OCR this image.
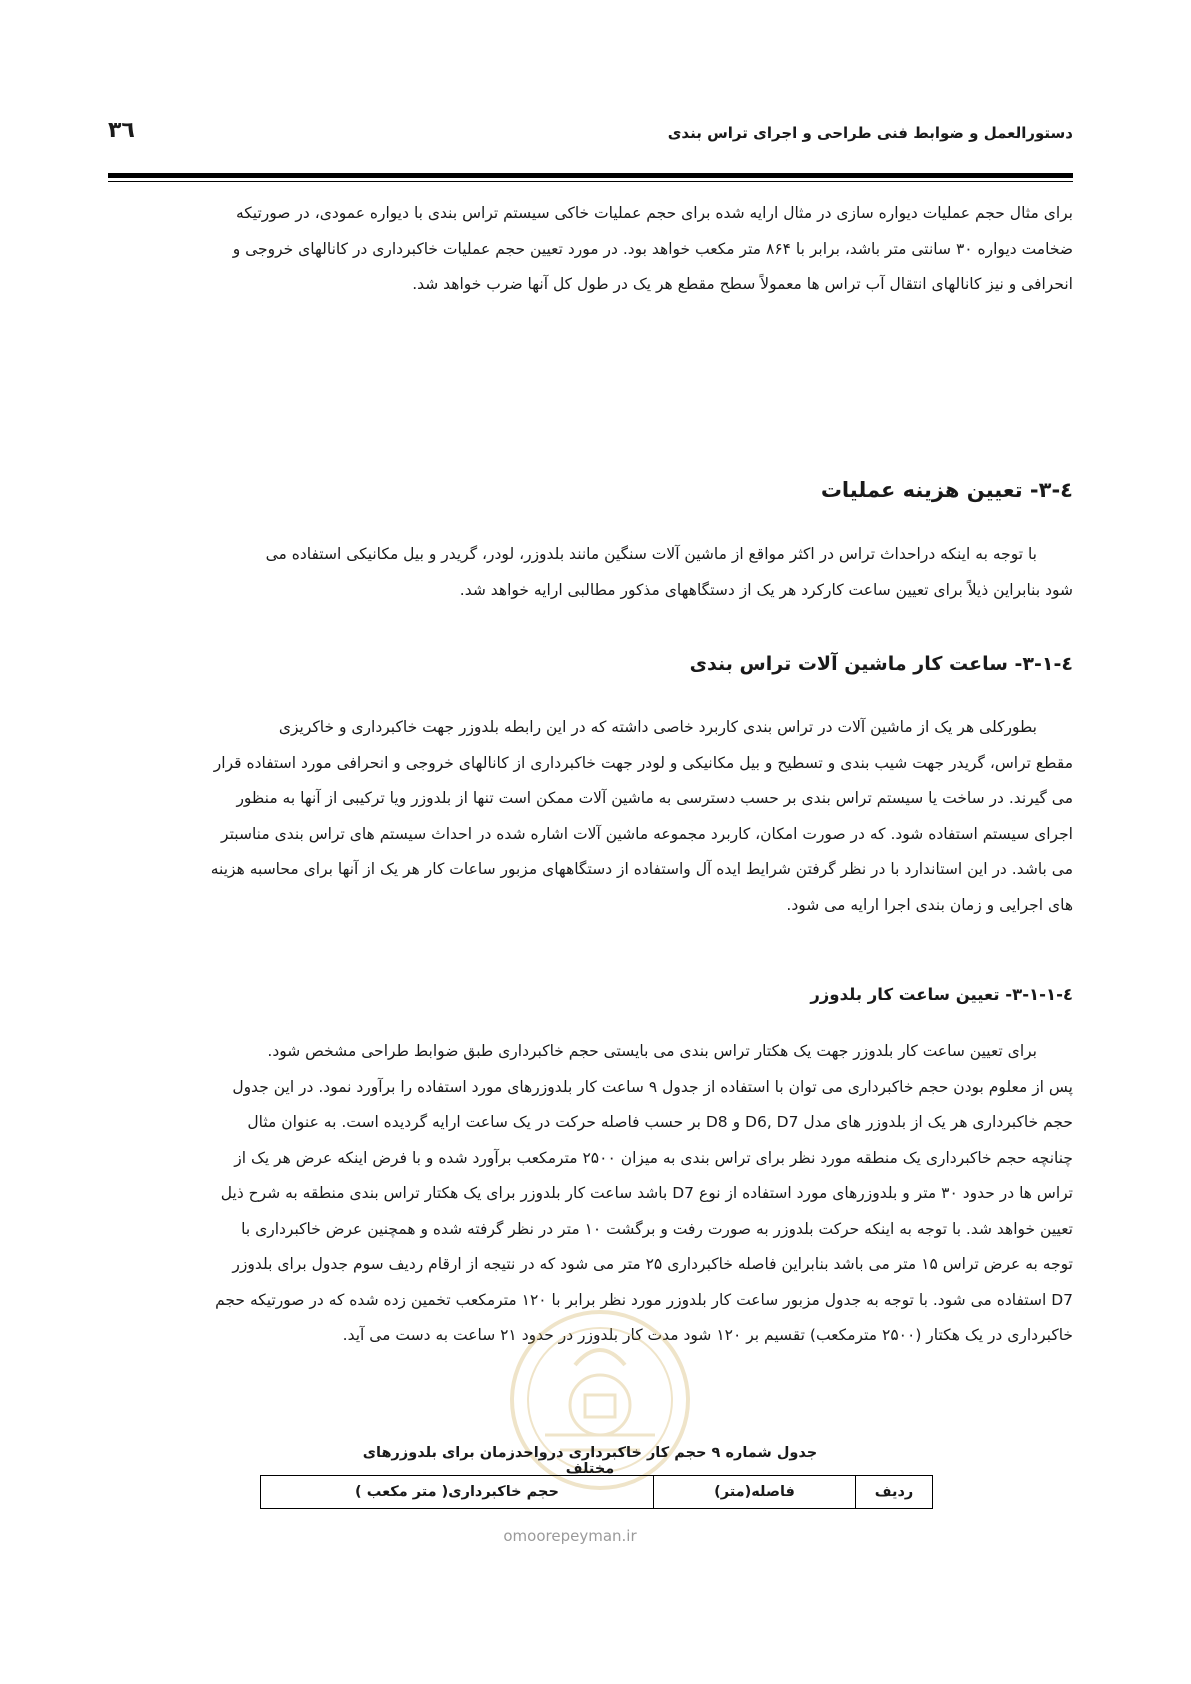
دستورالعمل و ضوابط فنی طراحی و اجرای تراس بندی
۳٦
برای مثال حجم عملیات دیواره سازی در مثال ارایه شده برای حجم عملیات خاکی سیستم تراس بندی با دیواره عمودی، در صورتیکه
ضخامت دیواره ۳۰ سانتی متر باشد، برابر با ۸۶۴ متر مکعب خواهد بود. در مورد تعیین حجم عملیات خاکبرداری در کانالهای خروجی و
انحرافی و نیز کانالهای انتقال آب تراس ها معمولاً سطح مقطع هر یک در طول کل آنها ضرب خواهد شد.
٤-۳- تعیین هزینه عملیات
با توجه به اینکه دراحداث تراس در اکثر مواقع از ماشین آلات سنگین مانند بلدوزر، لودر، گریدر و بیل مکانیکی استفاده می
شود بنابراین ذیلاً برای تعیین ساعت کارکرد هر یک از دستگاههای مذکور مطالبی ارایه خواهد شد.
٤-۳-۱- ساعت کار ماشین آلات تراس بندی
بطورکلی هر یک از ماشین آلات در تراس بندی کاربرد خاصی داشته که در این رابطه بلدوزر جهت خاکبرداری و خاکریزی
مقطع تراس، گریدر جهت شیب بندی و تسطیح و بیل مکانیکی و لودر جهت خاکبرداری از کانالهای خروجی و انحرافی مورد استفاده قرار
می گیرند. در ساخت یا سیستم تراس بندی بر حسب دسترسی به ماشین آلات ممکن است تنها از بلدوزر ویا ترکیبی از آنها به منظور
اجرای سیستم استفاده شود. که در صورت امکان، کاربرد مجموعه ماشین آلات اشاره شده در احداث سیستم های تراس بندی مناسبتر
می باشد. در این استاندارد با در نظر گرفتن شرایط ایده آل واستفاده از دستگاههای مزبور ساعات کار هر یک از آنها برای محاسبه هزینه
های اجرایی و زمان بندی اجرا ارایه می شود.
٤-۳-۱-۱- تعیین ساعت کار بلدوزر
برای تعیین ساعت کار بلدوزر جهت یک هکتار تراس بندی می بایستی حجم خاکبرداری طبق ضوابط طراحی مشخص شود.
پس از معلوم بودن حجم خاکبرداری می توان با استفاده از جدول ۹ ساعت کار بلدوزرهای مورد استفاده را برآورد نمود. در این جدول
حجم خاکبرداری هر یک از بلدوزر های مدل D6, D7 و D8 بر حسب فاصله حرکت در یک ساعت ارایه گردیده است. به عنوان مثال
چنانچه حجم خاکبرداری یک منطقه مورد نظر برای تراس بندی به میزان ۲۵۰۰ مترمکعب برآورد شده و با فرض اینکه عرض هر یک از
تراس ها در حدود ۳۰ متر و بلدوزرهای مورد استفاده از نوع D7 باشد ساعت کار بلدوزر برای یک هکتار تراس بندی منطقه به شرح ذیل
تعیین خواهد شد. با توجه به اینکه حرکت بلدوزر به صورت رفت و برگشت ۱۰ متر در نظر گرفته شده و همچنین عرض خاکبرداری با
توجه به عرض تراس ۱۵ متر می باشد بنابراین فاصله خاکبرداری ۲۵ متر می شود که در نتیجه از ارقام ردیف سوم جدول برای بلدوزر
D7 استفاده می شود. با توجه به جدول مزبور ساعت کار بلدوزر مورد نظر برابر با ۱۲۰ مترمکعب تخمین زده شده که در صورتیکه حجم
خاکبرداری در یک هکتار (۲۵۰۰ مترمکعب) تقسیم بر ۱۲۰ شود مدت کار بلدوزر در حدود ۲۱ ساعت به دست می آید.
جدول شماره ۹ حجم کار خاکبرداری درواحدزمان برای بلدوزرهای مختلف
ردیف
فاصله(متر)
حجم خاکبرداری( متر مکعب )
omoorepeyman.ir
